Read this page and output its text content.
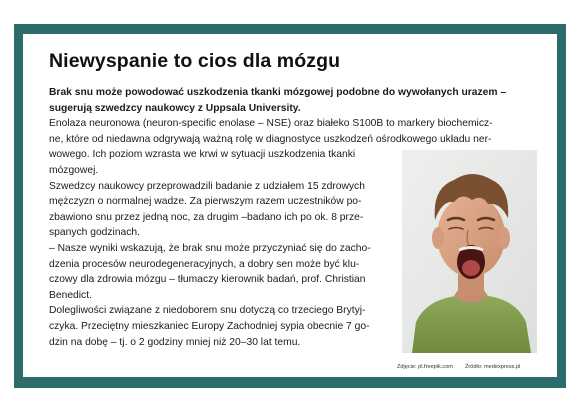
Niewyspanie to cios dla mózgu

Brak snu może powodować uszkodzenia tkanki mózgowej podobne do wywołanych urazem –
sugerują szwedzcy naukowcy z Uppsala University.

Enolaza neuronowa (neuron-specific enolase – NSE) oraz białeko S100B to markery biochemicz-
ne, które od niedawna odgrywają ważną rolę w diagnostyce uszkodzeń ośrodkowego układu ner-
wowego. Ich poziom wzrasta we krwi w sytuacji uszkodzenia tkanki
mózgowej.

Szwedzcy naukowcy przeprowadzili badanie z udziałem 15 zdrowych
mężczyzn o normalnej wadze. Za pierwszym razem uczestników po-
zbawiono snu przez jedną noc, za drugim –badano ich po ok. 8 prze-
spanych godzinach.

– Nasze wyniki wskazują, że brak snu może przyczyniać się do zacho-
dzenia procesów neurodegeneracyjnych, a dobry sen może być klu-
czowy dla zdrowia mózgu – tłumaczy kierownik badań, prof. Christian
Benedict.

Dolegliwości związane z niedoborem snu dotyczą co trzeciego Brytyj-
czyka. Przeciętny mieszkaniec Europy Zachodniej sypia obecnie 7 go-
dzin na dobę – tj. o 2 godziny mniej niż 20–30 lat temu.

Zdjęcie: pl.freepik.com Źródło: medexpress.pl
